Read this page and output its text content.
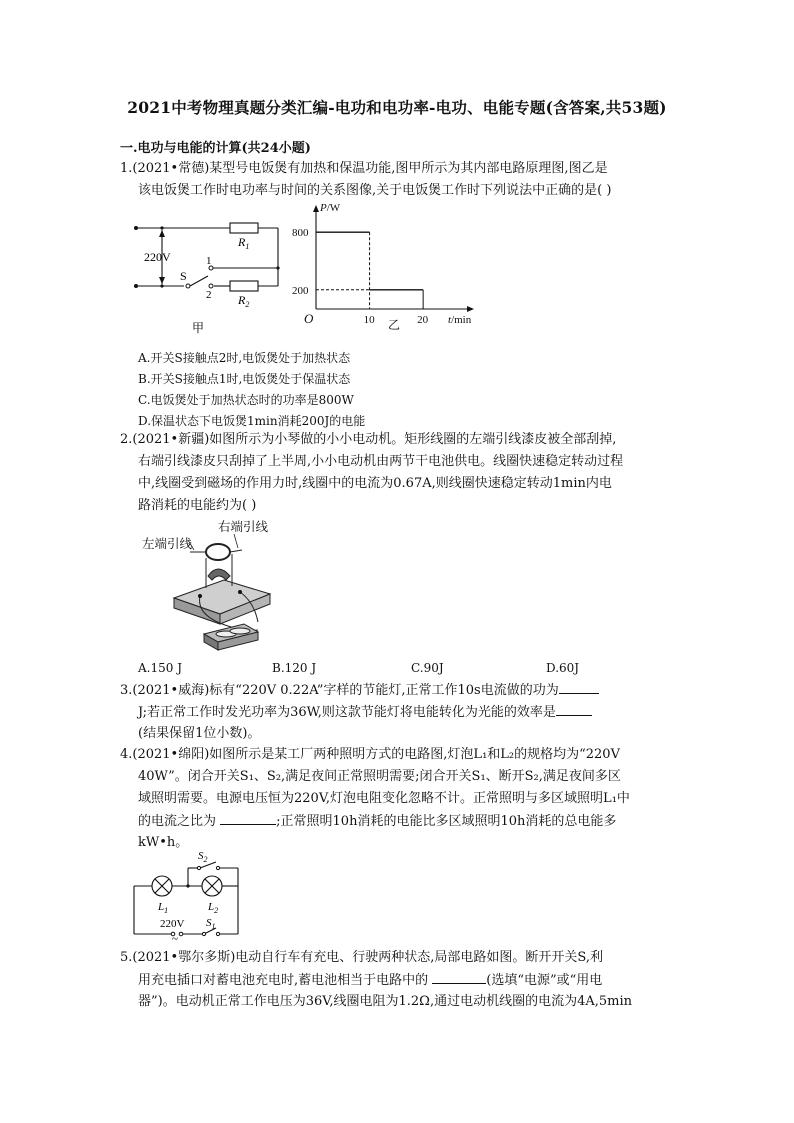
2021中考物理真题分类汇编-电功和电功率-电功、电能专题(含答案,共53题)
一.电功与电能的计算(共24小题)
1.(2021•常德)某型号电饭煲有加热和保温功能,图甲所示为其内部电路原理图,图乙是
该电饭煲工作时电功率与时间的关系图像,关于电饭煲工作时下列说法中正确的是( )
220V
S
1
2
$R_1$
$R_2$
甲
P/W
t/min
O	乙
800
200
10	20
A.开关S接触点2时,电饭煲处于加热状态
B.开关S接触点1时,电饭煲处于保温状态
C.电饭煲处于加热状态时的功率是800W
D.保温状态下电饭煲1min消耗200J的电能
2.(2021•新疆)如图所示为小琴做的小小电动机。矩形线圈的左端引线漆皮被全部刮掉,
右端引线漆皮只刮掉了上半周,小小电动机由两节干电池供电。线圈快速稳定转动过程
中,线圈受到磁场的作用力时,线圈中的电流为0.67A,则线圈快速稳定转动1min内电
路消耗的电能约为( )
左端引线
右端引线
A.150 J	B.120 J	C.90J	D.60J
3.(2021•威海)标有“220V 0.22A”字样的节能灯,正常工作10s电流做的功为
J;若正常工作时发光功率为36W,则这款节能灯将电能转化为光能的效率是
(结果保留1位小数)。
4.(2021•绵阳)如图所示是某工厂两种照明方式的电路图,灯泡L₁和L₂的规格均为“220V
40W”。闭合开关S₁、S₂,满足夜间正常照明需要;闭合开关S₁、断开S₂,满足夜间多区
域照明需要。电源电压恒为220V,灯泡电阻变化忽略不计。正常照明与多区域照明L₁中
的电流之比为	;正常照明10h消耗的电能比多区域照明10h消耗的总电能多
kW•h。
$S_2$
$L_1$	$L_2$
220V
~
$S_1$
5.(2021•鄂尔多斯)电动自行车有充电、行驶两种状态,局部电路如图。断开开关S,利
用充电插口对蓄电池充电时,蓄电池相当于电路中的	(选填“电源”或“用电
器”)。电动机正常工作电压为36V,线圈电阻为1.2Ω,通过电动机线圈的电流为4A,5min
